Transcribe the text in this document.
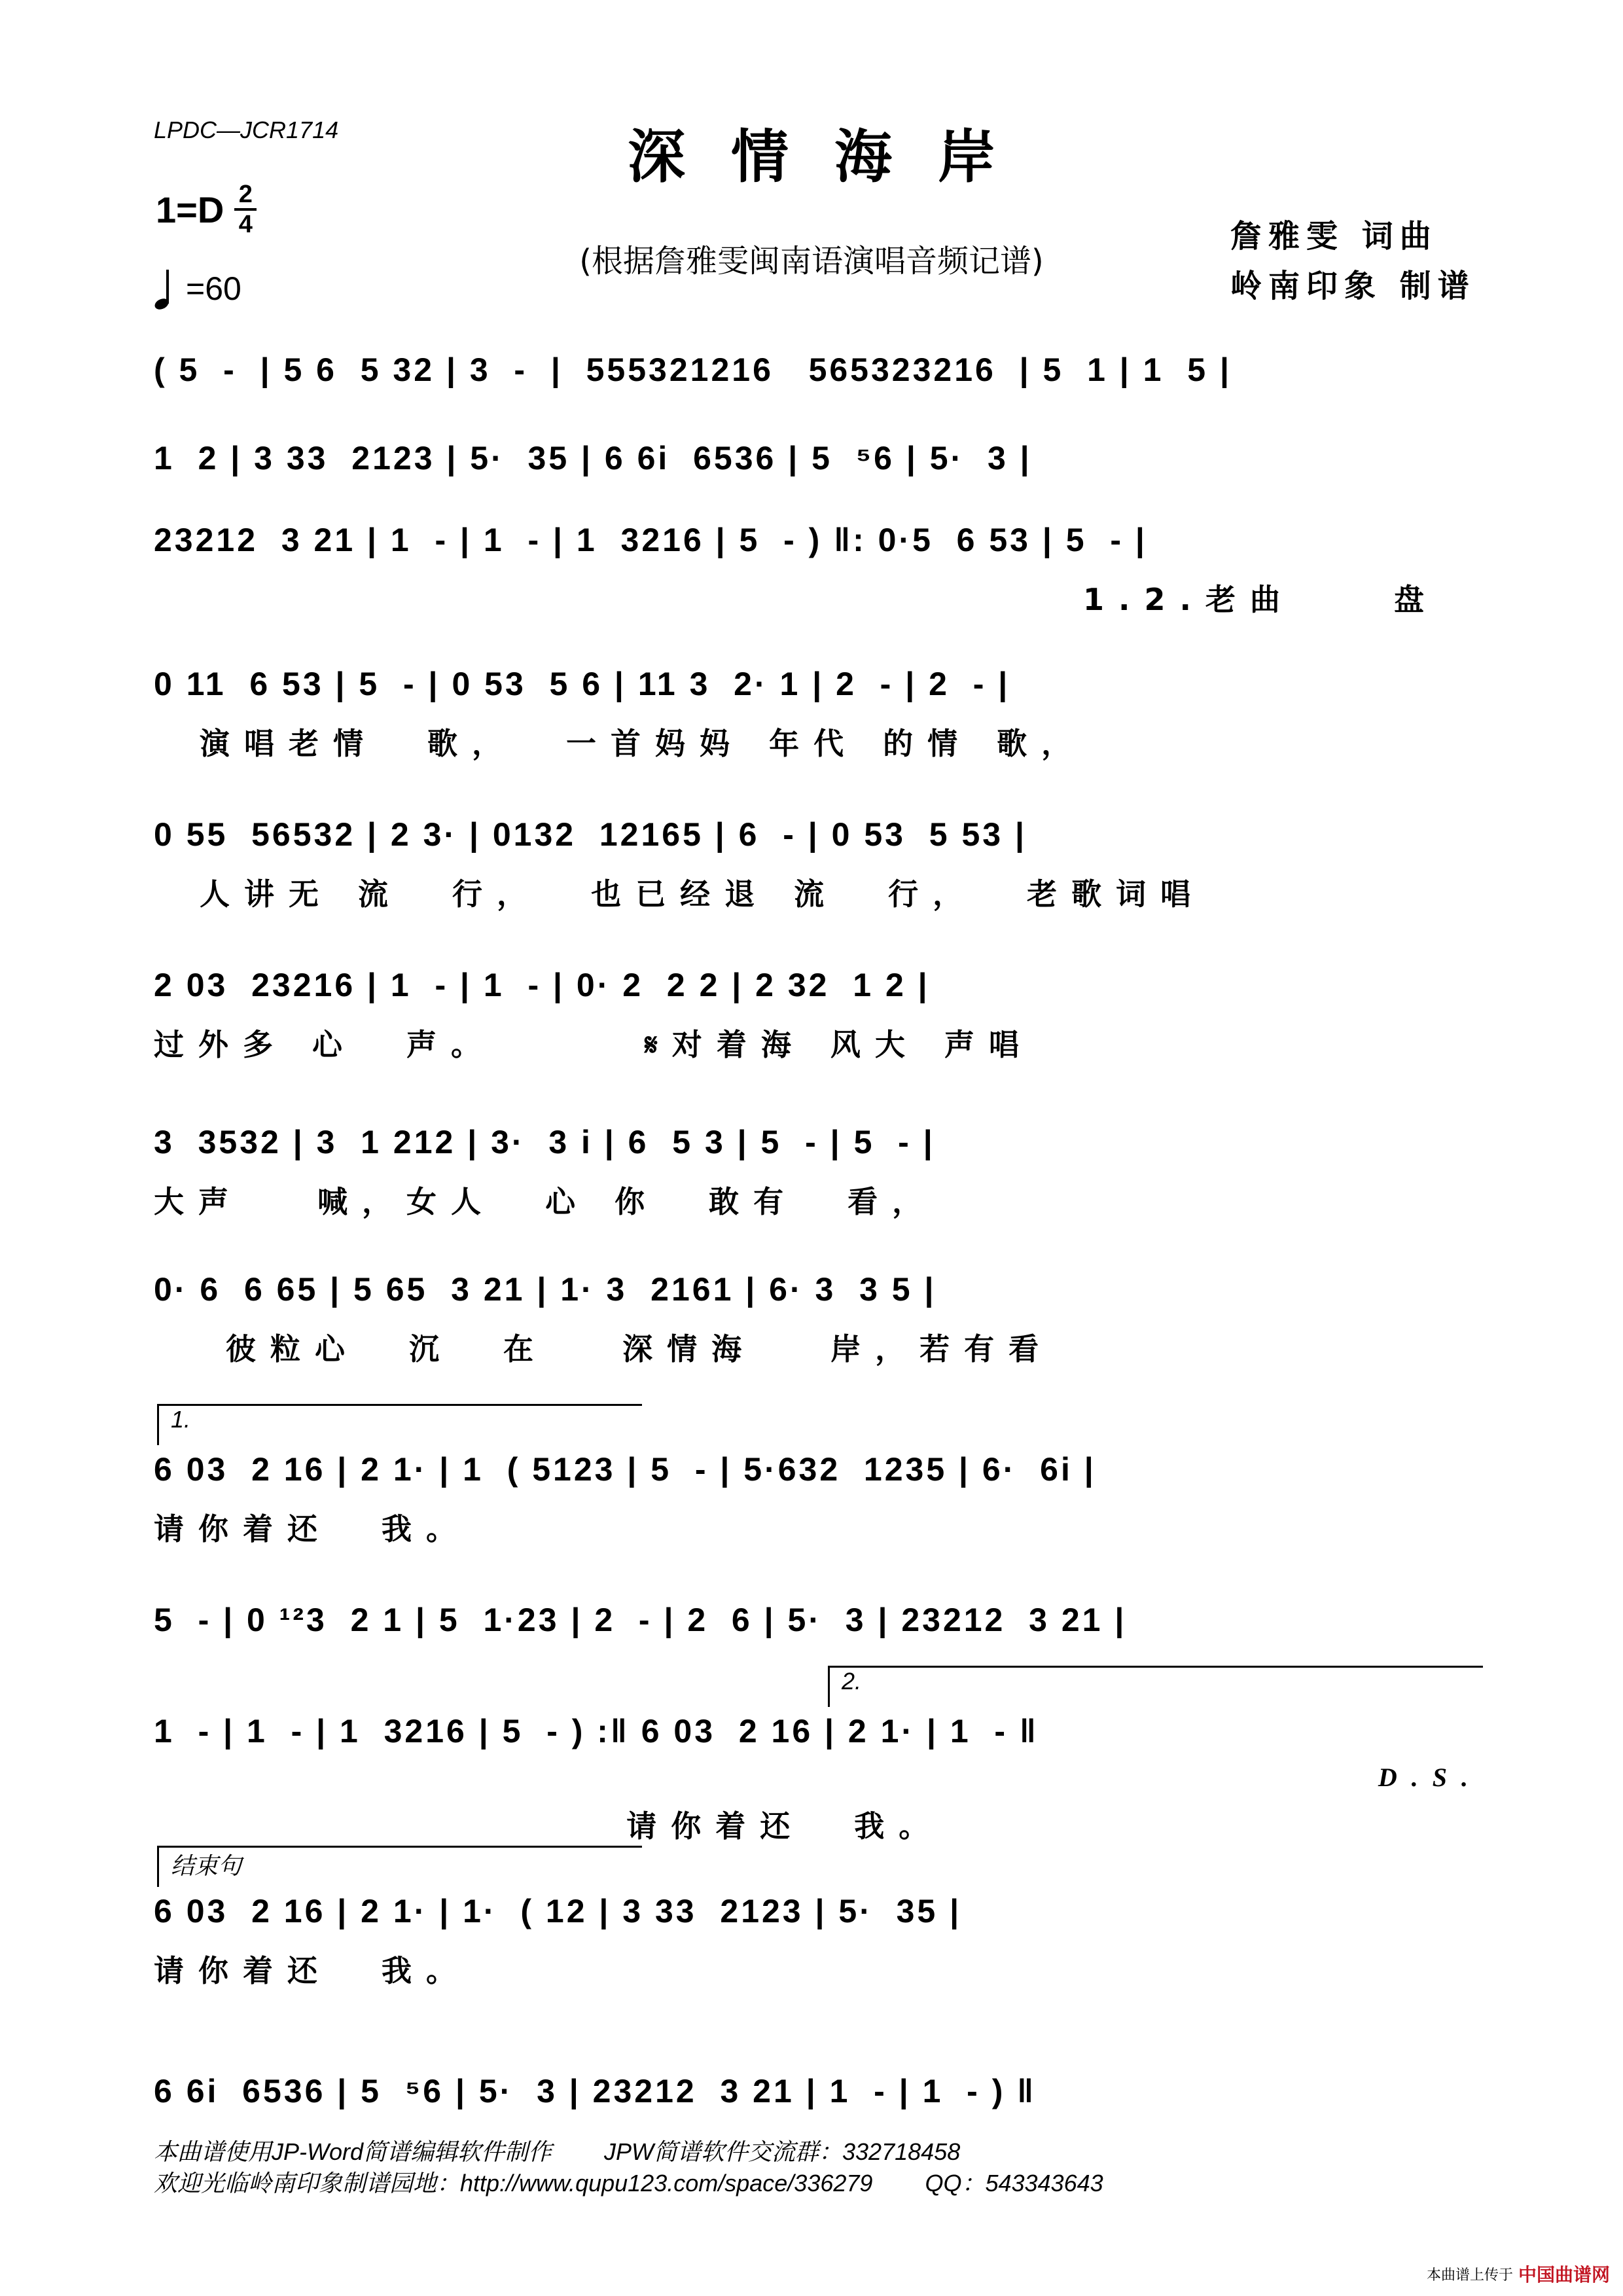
LPDC—JCR1714	深情海岸
$1=D \frac{2}{4}$
=60
(根据詹雅雯闽南语演唱音频记谱)
詹雅雯 词曲
岭南印象 制谱
( 5  -  | 5 6  5 32 | 3  -  |  555321216   565323216  | 5  1 | 1  5 |
1  2 | 3 33  2123 | 5·  35 | 6 6i  6536 | 5  ⁵6 | 5·  3 |
23212  3 21 | 1  - | 1  - | 1  3216 | 5  - ) ‖: 0·5  6 53 | 5  - |
1.2.老曲    盘
0 11  6 53 | 5  - | 0 53  5 6 | 11 3  2· 1 | 2  - | 2  - |
演唱老情  歌，  一首妈妈 年代 的情 歌，
0 55  56532 | 2 3· | 0132  12165 | 6  - | 0 53  5 53 |
人讲无 流  行，  也已经退 流  行，  老歌词唱
2 03  23216 | 1  - | 1  - | 0· 2  2 2 | 2 32  1 2 |
过外多 心  声。      𝄋对着海 风大 声唱
3  3532 | 3  1 212 | 3·  3 i | 6  5 3 | 5  - | 5  - |
大声   喊，女人  心 你  敢有  看，
0· 6  6 65 | 5 65  3 21 | 1· 3  2161 | 6· 3  3 5 |
彼粒心  沉  在   深情海   岸，若有看
1.
6 03  2 16 | 2 1· | 1  ( 5123 | 5  - | 5·632  1235 | 6·  6i |
请你着还  我。
5  - | 0 ¹²3  2 1 | 5  1·23 | 2  - | 2  6 | 5·  3 | 23212  3 21 |
2.
1  - | 1  - | 1  3216 | 5  - ) :‖ 6 03  2 16 | 2 1· | 1  - ‖

请你着还  我。

D.S.

结束句
6 03  2 16 | 2 1· | 1·  ( 12 | 3 33  2123 | 5·  35 |
请你着还  我。
6 6i  6536 | 5  ⁵6 | 5·  3 | 23212  3 21 | 1  - | 1  - ) ‖
本曲谱使用JP-Word简谱编辑软件制作        JPW简谱软件交流群：332718458
欢迎光临岭南印象制谱园地：http://www.qupu123.com/space/336279        QQ：543343643
本曲谱上传于 中国曲谱网
